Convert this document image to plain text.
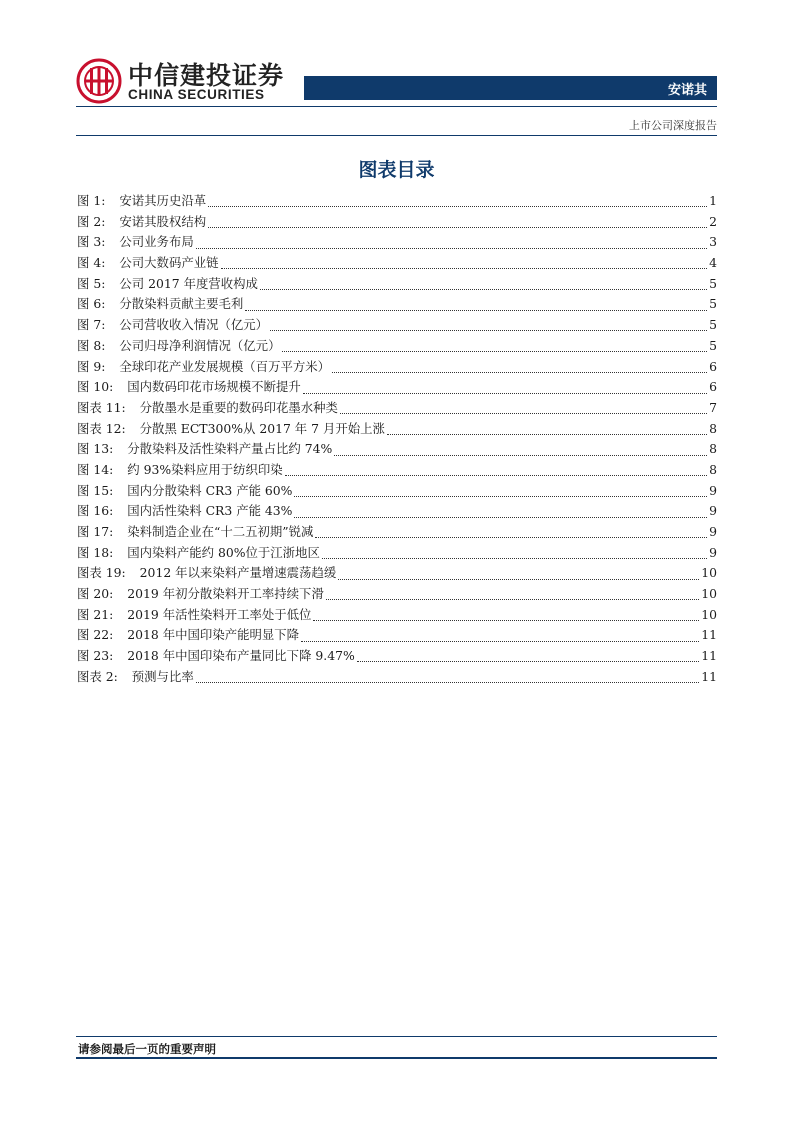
中信建投证券
CHINA SECURITIES	安诺其
上市公司深度报告
图表目录
图 1: 安诺其历史沿革	1
图 2: 安诺其股权结构	2
图 3: 公司业务布局	3
图 4: 公司大数码产业链	4
图 5: 公司 2017 年度营收构成	5
图 6: 分散染料贡献主要毛利	5
图 7: 公司营收收入情况（亿元）	5
图 8: 公司归母净利润情况（亿元）	5
图 9: 全球印花产业发展规模（百万平方米）	6
图 10: 国内数码印花市场规模不断提升	6
图表 11: 分散墨水是重要的数码印花墨水种类	7
图表 12: 分散黑 ECT300%从 2017 年 7 月开始上涨	8
图 13: 分散染料及活性染料产量占比约 74%	8
图 14: 约 93%染料应用于纺织印染	8
图 15: 国内分散染料 CR3 产能 60%	9
图 16: 国内活性染料 CR3 产能 43%	9
图 17: 染料制造企业在“十二五初期”锐减	9
图 18: 国内染料产能约 80%位于江浙地区	9
图表 19: 2012 年以来染料产量增速震荡趋缓	10
图 20: 2019 年初分散染料开工率持续下滑	10
图 21: 2019 年活性染料开工率处于低位	10
图 22: 2018 年中国印染产能明显下降	11
图 23: 2018 年中国印染布产量同比下降 9.47%	11
图表 2: 预测与比率	11
请参阅最后一页的重要声明
